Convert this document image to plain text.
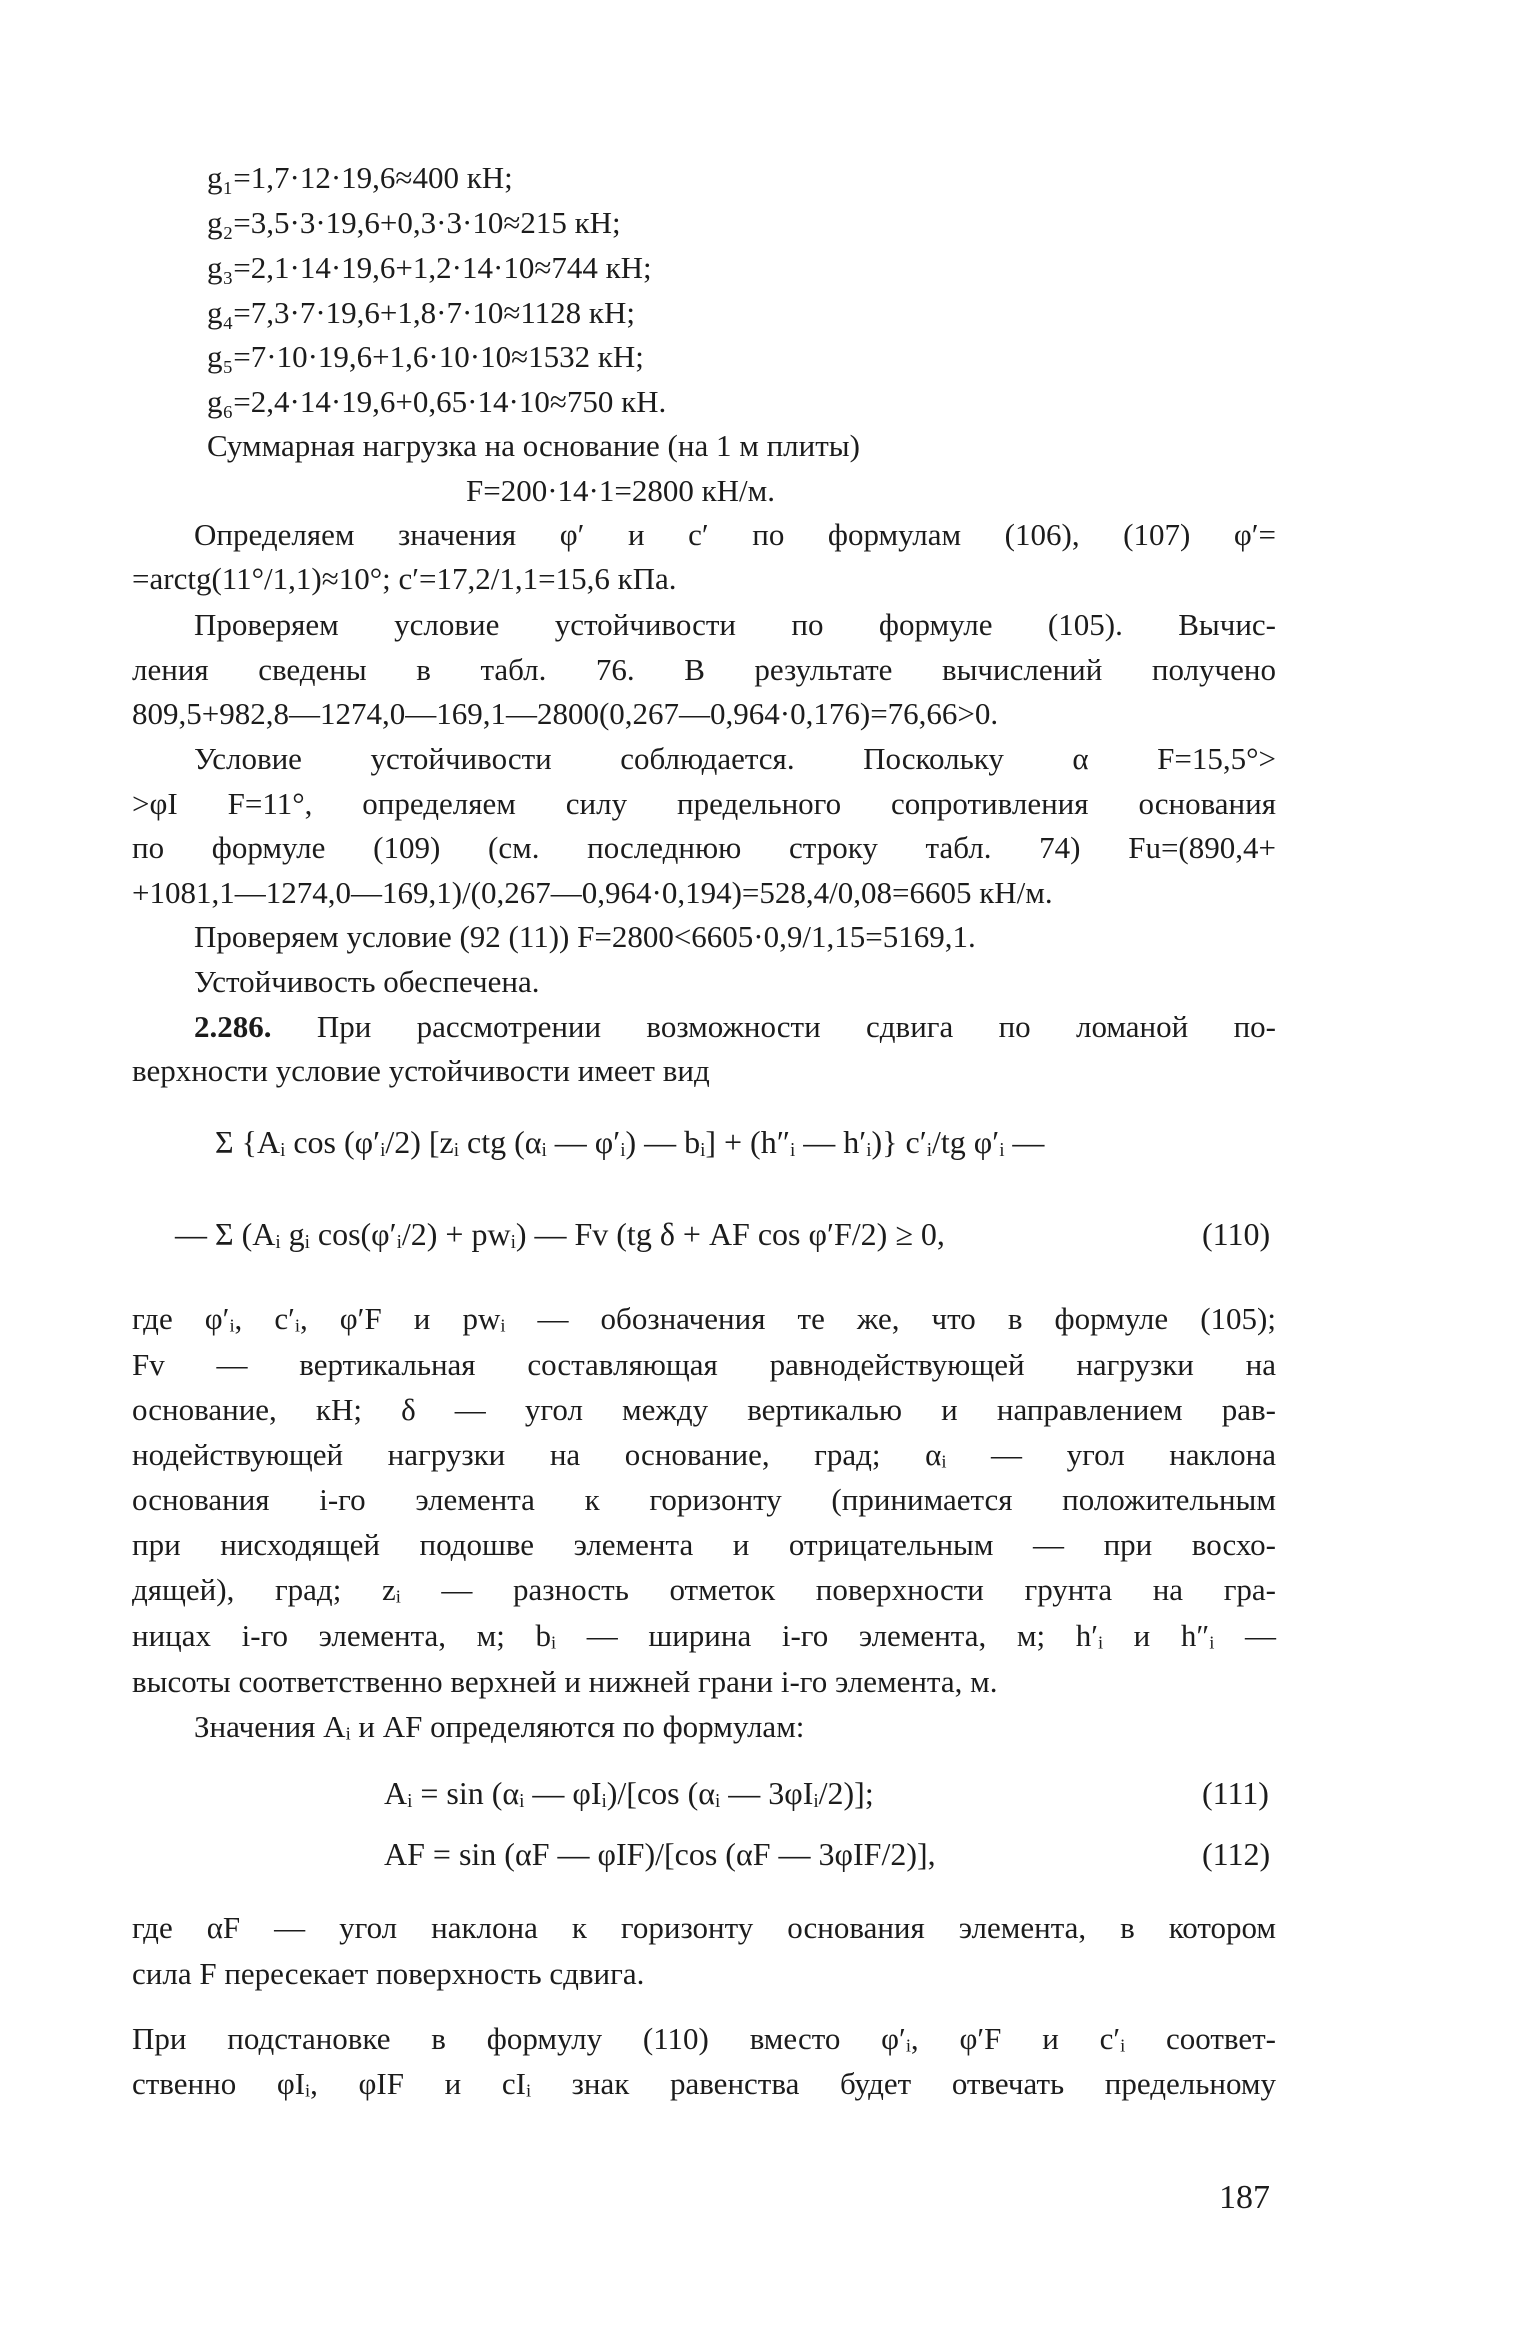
g₁=1,7·12·19,6≈400 кН;
g₂=3,5·3·19,6+0,3·3·10≈215 кН;
g₃=2,1·14·19,6+1,2·14·10≈744 кН;
g₄=7,3·7·19,6+1,8·7·10≈1128 кН;
g₅=7·10·19,6+1,6·10·10≈1532 кН;
g₆=2,4·14·19,6+0,65·14·10≈750 кН.
Суммарная нагрузка на основание (на 1 м плиты)
F=200·14·1=2800 кН/м.
Определяем значения φ′ и c′ по формулам (106), (107) φ′=
=arctg(11°/1,1)≈10°; c′=17,2/1,1=15,6 кПа.
Проверяем условие устойчивости по формуле (105). Вычис-
ления сведены в табл. 76. В результате вычислений получено
809,5+982,8—1274,0—169,1—2800(0,267—0,964·0,176)=76,66>0.
Условие устойчивости соблюдается. Поскольку α F=15,5°>
>φI F=11°, определяем силу предельного сопротивления основания
по формуле (109) (см. последнюю строку табл. 74) Fu=(890,4+
+1081,1—1274,0—169,1)/(0,267—0,964·0,194)=528,4/0,08=6605 кН/м.
Проверяем условие (92 (11)) F=2800<6605·0,9/1,15=5169,1.
Устойчивость обеспечена.
2.286. При рассмотрении возможности сдвига по ломаной по-
верхности условие устойчивости имеет вид
Σ {Aᵢ cos (φ′ᵢ/2) [zᵢ ctg (αᵢ — φ′ᵢ) — bᵢ] + (h″ᵢ — h′ᵢ)} c′ᵢ/tg φ′ᵢ —
— Σ (Aᵢ gᵢ cos(φ′ᵢ/2) + pwᵢ) — Fv (tg δ + AF cos φ′F/2) ≥ 0,	(110)
где φ′ᵢ, c′ᵢ, φ′F и pwᵢ — обозначения те же, что в формуле (105);
Fv — вертикальная составляющая равнодействующей нагрузки на
основание, кН; δ — угол между вертикалью и направлением рав-
нодействующей нагрузки на основание, град; αᵢ — угол наклона
основания i-го элемента к горизонту (принимается положительным
при нисходящей подошве элемента и отрицательным — при восхо-
дящей), град; zᵢ — разность отметок поверхности грунта на гра-
ницах i-го элемента, м; bᵢ — ширина i-го элемента, м; h′ᵢ и h″ᵢ —
высоты соответственно верхней и нижней грани i-го элемента, м.
Значения Aᵢ и AF определяются по формулам:
Aᵢ = sin (αᵢ — φIᵢ)/[cos (αᵢ — 3φIᵢ/2)];	(111)
AF = sin (αF — φIF)/[cos (αF — 3φIF/2)],	(112)
где αF — угол наклона к горизонту основания элемента, в котором
сила F пересекает поверхность сдвига.
При подстановке в формулу (110) вместо φ′ᵢ, φ′F и c′ᵢ соответ-
ственно φIᵢ, φIF и cIᵢ знак равенства будет отвечать предельному
187
